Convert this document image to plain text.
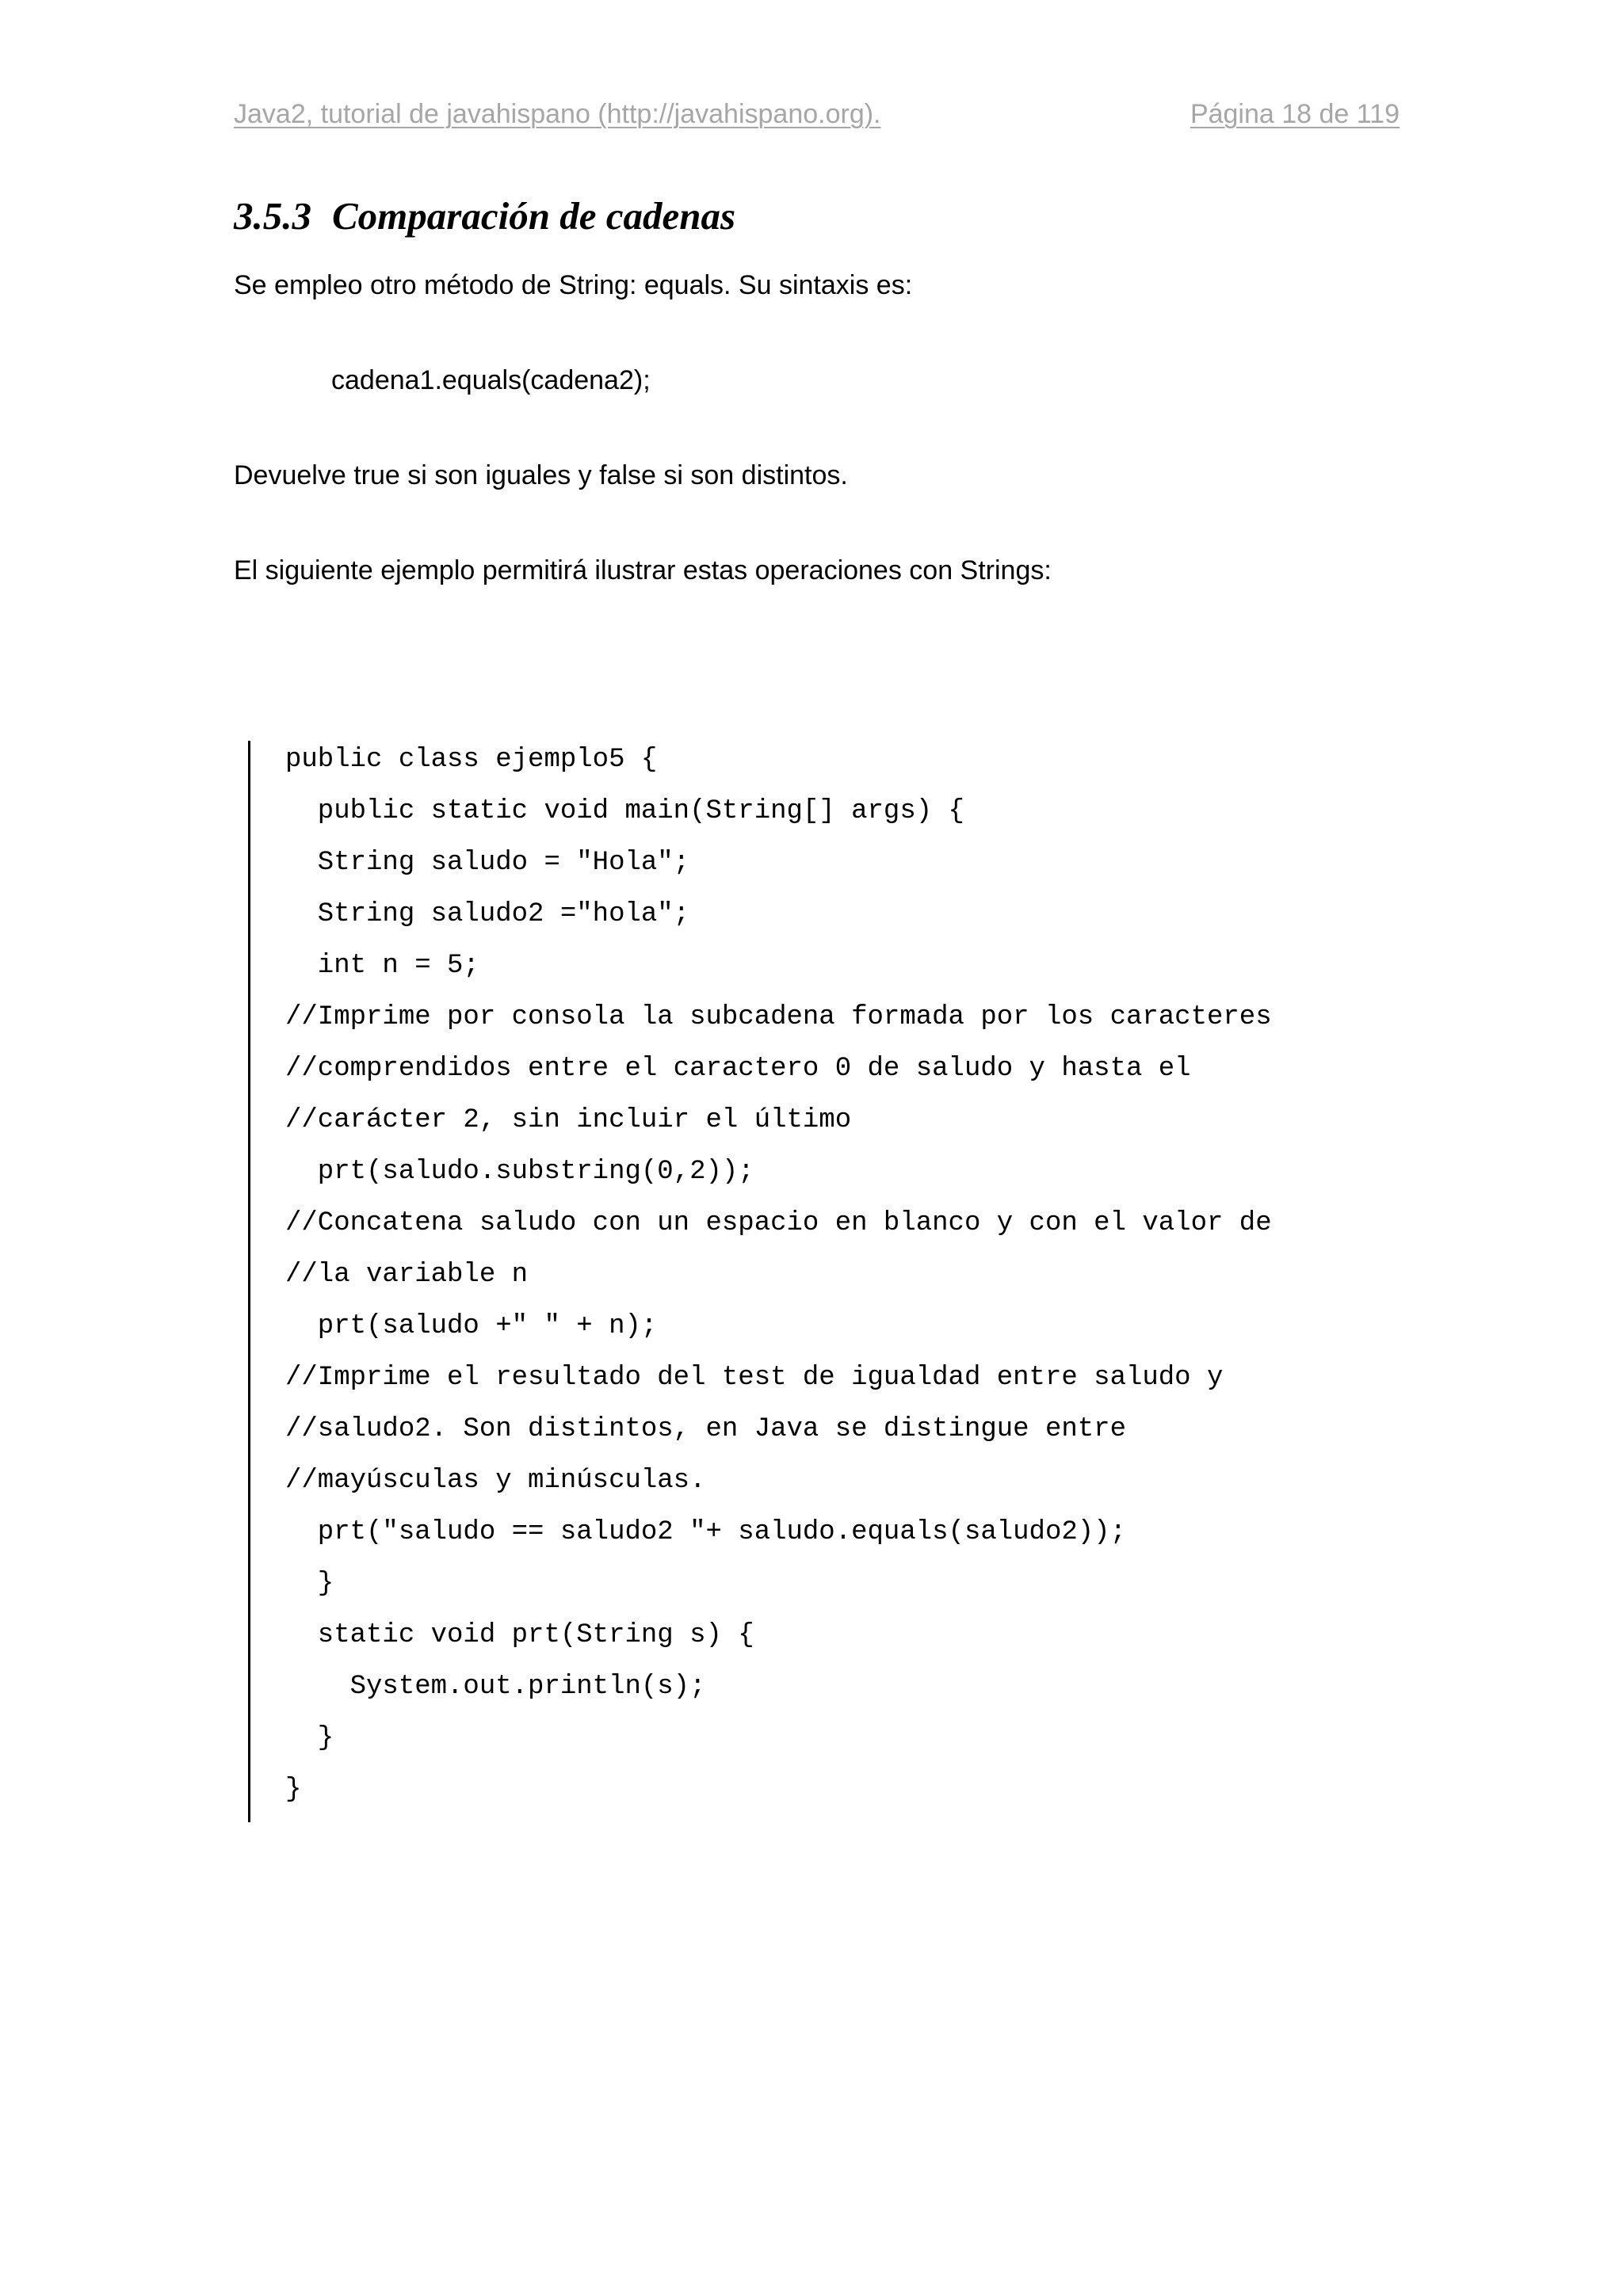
Java2, tutorial de javahispano (http://javahispano.org).	Página 18 de 119
3.5.3 Comparación de cadenas

Se empleo otro método de String: equals. Su sintaxis es:

cadena1.equals(cadena2);

Devuelve true si son iguales y false si son distintos.

El siguiente ejemplo permitirá ilustrar estas operaciones con Strings:

public class ejemplo5 {
public static void main(String[] args) {
String saludo = "Hola";
String saludo2 ="hola";
int n = 5;
//Imprime por consola la subcadena formada por los caracteres
//comprendidos entre el caractero 0 de saludo y hasta el
//carácter 2, sin incluir el último
prt(saludo.substring(0,2));
//Concatena saludo con un espacio en blanco y con el valor de
//la variable n
prt(saludo +" " + n);
//Imprime el resultado del test de igualdad entre saludo y
//saludo2. Son distintos, en Java se distingue entre
//mayúsculas y minúsculas.
prt("saludo == saludo2 "+ saludo.equals(saludo2));
}
static void prt(String s) {
System.out.println(s);
}
}
